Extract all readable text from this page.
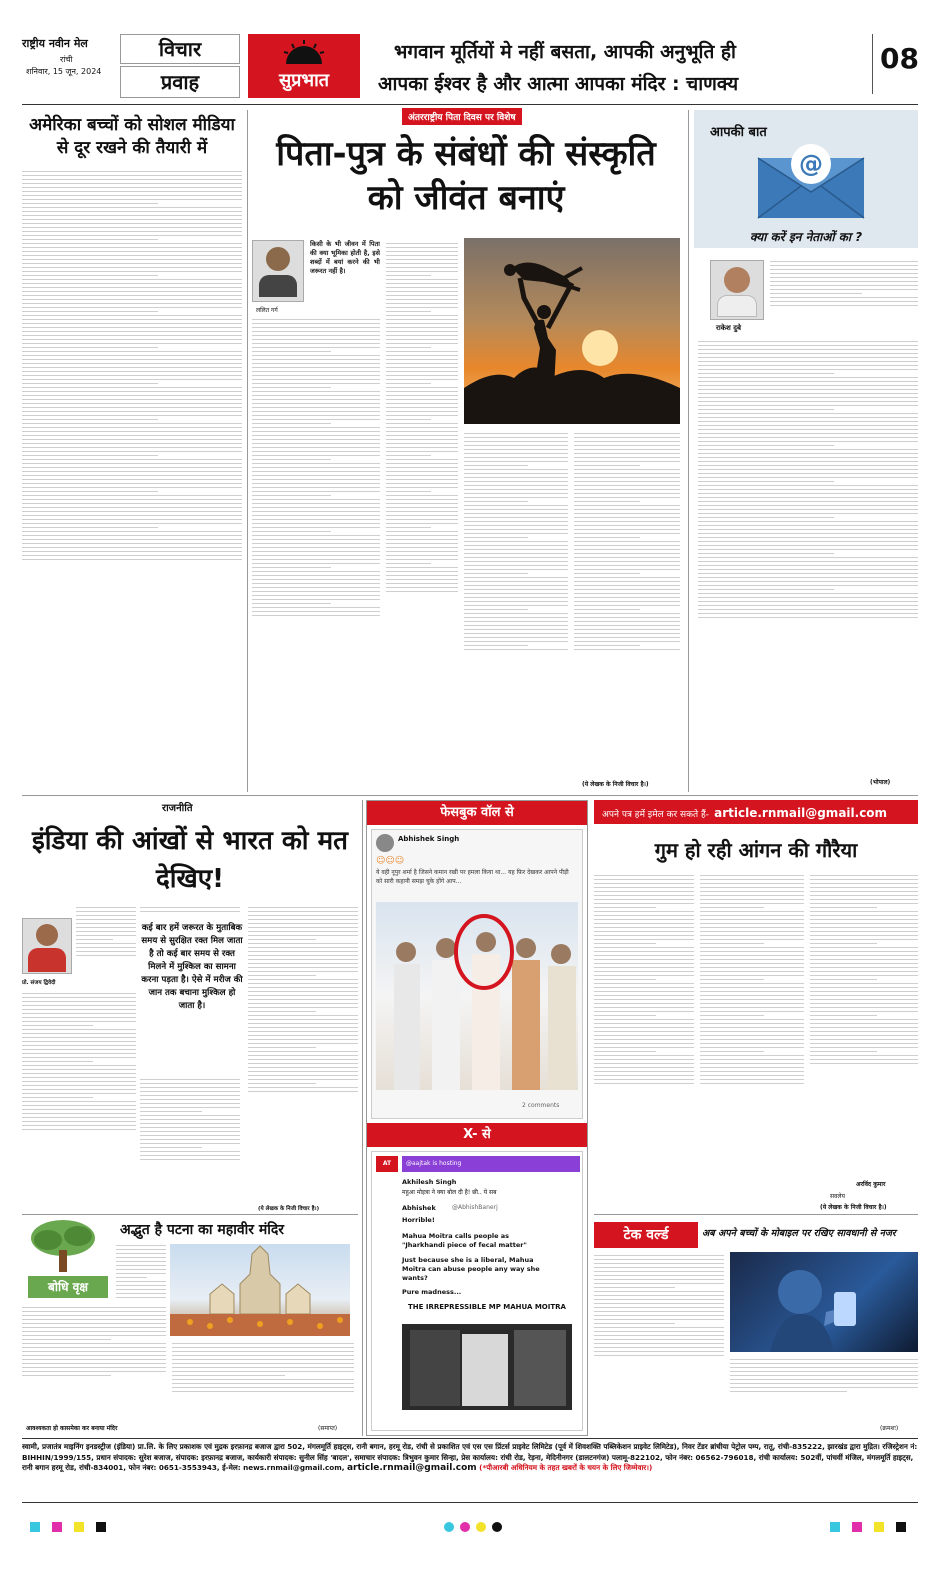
राष्ट्रीय नवीन मेल
रांची
शनिवार, 15 जून, 2024
विचार
प्रवाह	सुप्रभात
भगवान मूर्तियों मे नहीं बसता, आपकी अनुभूति ही
आपका ईश्वर है और आत्मा आपका मंदिर : चाणक्य
08
अमेरिका बच्चों को सोशल मीडिया से दूर रखने की तैयारी में
अंतरराष्ट्रीय पिता दिवस पर विशेष
पिता-पुत्र के संबंधों की संस्कृति को जीवंत बनाएं
ललित गर्ग
किसी के भी जीवन में पिता की क्या भूमिका होती है, इसे शब्दों में बयां करने की भी जरूरत नहीं है।
(ये लेखक के निजी विचार है।)
आपकी बात
@
क्या करें इन नेताओं का ?
राकेश दुबे
(भोपाल)
राजनीति
इंडिया की आंखों से भारत को मत देखिए!
प्रो. संजय द्विवेदी
कई बार हमें जरूरत के मुताबिक समय से सुरक्षित रक्त मिल जाता है तो कई बार समय से रक्त मिलने में मुश्किल का सामना करना पड़ता है। ऐसे में मरीज की जान तक बचाना मुश्किल हो जाता है।
(ये लेखक के निजी विचार है।)
बोधि वृक्ष
अद्भुत है पटना का महावीर मंदिर
आवश्यकता हो कासमेका कर बनाया मंदिर	(समाप्त)
फेसबुक वॉल से
Abhishek Singh
☺☺☺
ये वही नूपुर शर्मा है जिसने कमान रखी पर हमला किया था... यह फ़िर देखकर आपने पीड़ी को सारी कहानी समझ चुके होंगे आप...
2 comments
X- से
AT	@aajtak is hosting
Akhilesh Singh
महुआ मोइत्रा ने क्या बोल दी है! छी.. ये सब
Abhishek	@AbhishBanerj
Horrible!
Mahua Moitra calls people as "Jharkhandi piece of fecal matter"
Just because she is a liberal, Mahua Moitra can abuse people any way she wants?
Pure madness...
THE IRREPRESSIBLE MP MAHUA MOITRA
अपने पत्र हमें इमेल कर सकते हैं- article.rnmail@gmail.com
गुम हो रही आंगन की गौरैया
अरविंद कुमार
सवलेय
(ये लेखक के निजी विचार है।)
टेक वर्ल्ड	अब अपने बच्चों के मोबाइल पर रखिए सावधानी से नजर
(क्रमशः)
स्वामी, प्रजातंत्र माइनिंग इनडस्ट्रीज (इंडिया) प्रा.लि. के लिए प्रकाशक एवं मुद्रक इरफ़ानद्र बजाज द्वारा 502, मंगलमूर्ति हाइट्स, रानी बगान, हरमू रोड, रांची से प्रकाशित एवं एस एस प्रिंटर्स प्राइवेट लिमिटेड (पूर्व में शिवशक्ति पब्लिकेशन प्राइवेट लिमिटेड), निवर टेंडर ब्रांचीया पेट्रोल पम्प, रातू, रांची-835222, झारखंड द्वारा मुद्रित। रजिस्ट्रेशन नं: BIHHIN/1999/155, प्रधान संपादक: सुरेश बजाज, संपादक: इरफ़ानद्र बजाज, कार्यकारी संपादक: सुनील सिंह 'बादल', समाचार संपादक: त्रिभुवन कुमार सिन्हा, प्रेस कार्यालय: रांची रोड, रेड़ना, मेदिनीनगर (डालटनगंज) पलामू-822102, फोन नंबर: 06562-796018, रांची कार्यालय: 502वीं, पांचवीं मंजिल, मंगलमूर्ति हाइट्स, रानी बगान हरमू रोड, रांची-834001, फोन नंबर: 0651-3553943, ई-मेल: news.rnmail@gmail.com, article.rnmail@gmail.com (*पीआरबी अधिनियम के तहत खबरों के चयन के लिए जिम्मेवार।)
